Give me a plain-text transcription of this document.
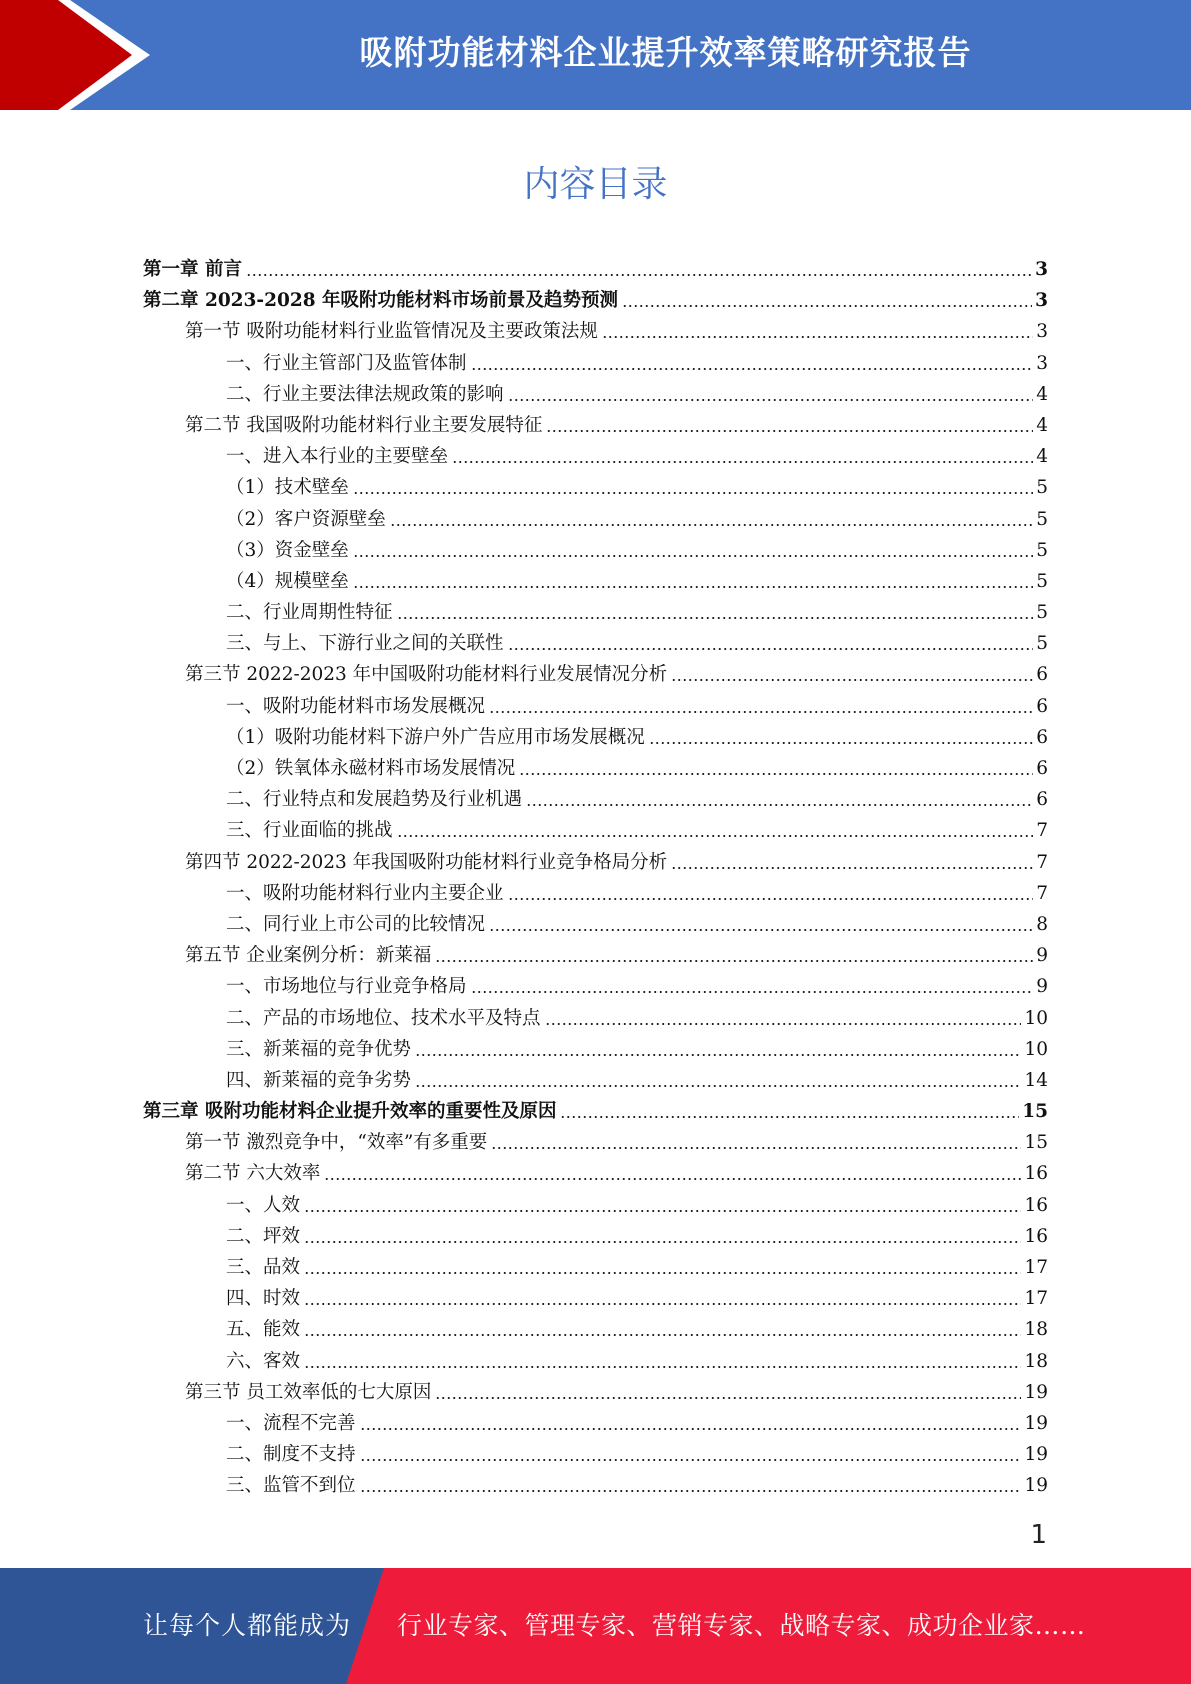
吸附功能材料企业提升效率策略研究报告
内容目录
第一章 前言	3
第二章 2023-2028 年吸附功能材料市场前景及趋势预测	3
第一节 吸附功能材料行业监管情况及主要政策法规	3
一、行业主管部门及监管体制	3
二、行业主要法律法规政策的影响	4
第二节 我国吸附功能材料行业主要发展特征	4
一、进入本行业的主要壁垒	4
（1）技术壁垒	5
（2）客户资源壁垒	5
（3）资金壁垒	5
（4）规模壁垒	5
二、行业周期性特征	5
三、与上、下游行业之间的关联性	5
第三节 2022-2023 年中国吸附功能材料行业发展情况分析	6
一、吸附功能材料市场发展概况	6
（1）吸附功能材料下游户外广告应用市场发展概况	6
（2）铁氧体永磁材料市场发展情况	6
二、行业特点和发展趋势及行业机遇	6
三、行业面临的挑战	7
第四节 2022-2023 年我国吸附功能材料行业竞争格局分析	7
一、吸附功能材料行业内主要企业	7
二、同行业上市公司的比较情况	8
第五节 企业案例分析：新莱福	9
一、市场地位与行业竞争格局	9
二、产品的市场地位、技术水平及特点	10
三、新莱福的竞争优势	10
四、新莱福的竞争劣势	14
第三章 吸附功能材料企业提升效率的重要性及原因	15
第一节 激烈竞争中，“效率”有多重要	15
第二节 六大效率	16
一、人效	16
二、坪效	16
三、品效	17
四、时效	17
五、能效	18
六、客效	18
第三节 员工效率低的七大原因	19
一、流程不完善	19
二、制度不支持	19
三、监管不到位	19
1
让每个人都能成为 行业专家、管理专家、营销专家、战略专家、成功企业家……
